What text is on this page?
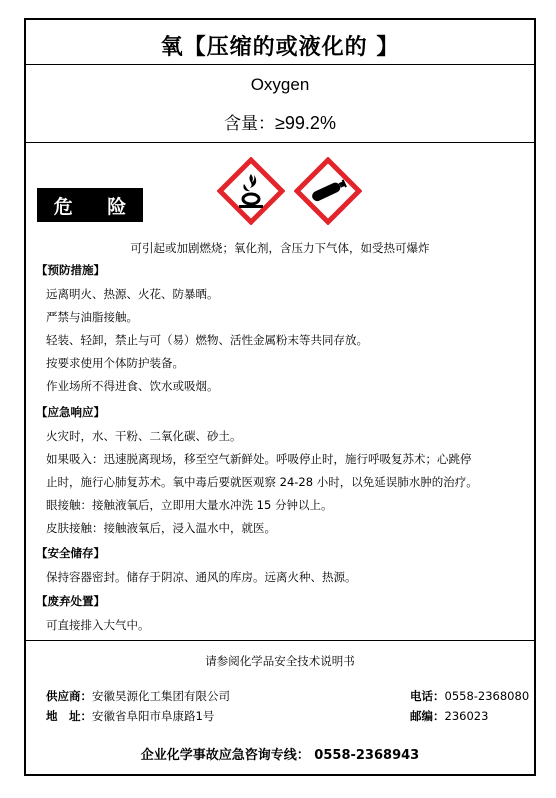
氧【压缩的或液化的 】
Oxygen
含量：≥99.2%
危 险
可引起或加剧燃烧；氧化剂，含压力下气体，如受热可爆炸
【预防措施】
远离明火、热源、火花、防暴晒。
严禁与油脂接触。
轻装、轻卸，禁止与可（易）燃物、活性金属粉末等共同存放。
按要求使用个体防护装备。
作业场所不得进食、饮水或吸烟。
【应急响应】
火灾时，水、干粉、二氧化碳、砂土。
如果吸入：迅速脱离现场，移至空气新鲜处。呼吸停止时，施行呼吸复苏术；心跳停
止时，施行心肺复苏术。氧中毒后要就医观察 24-28 小时，以免延误肺水肿的治疗。
眼接触：接触液氧后，立即用大量水冲洗 15 分钟以上。
皮肤接触：接触液氧后，浸入温水中，就医。
【安全储存】
保持容器密封。储存于阴凉、通风的库房。远离火种、热源。
【废弃处置】
可直接排入大气中。
请参阅化学品安全技术说明书
供应商：安徽昊源化工集团有限公司	电话：0558-2368080
地　址：安徽省阜阳市阜康路1号	邮编：236023
企业化学事故应急咨询专线： 0558-2368943
